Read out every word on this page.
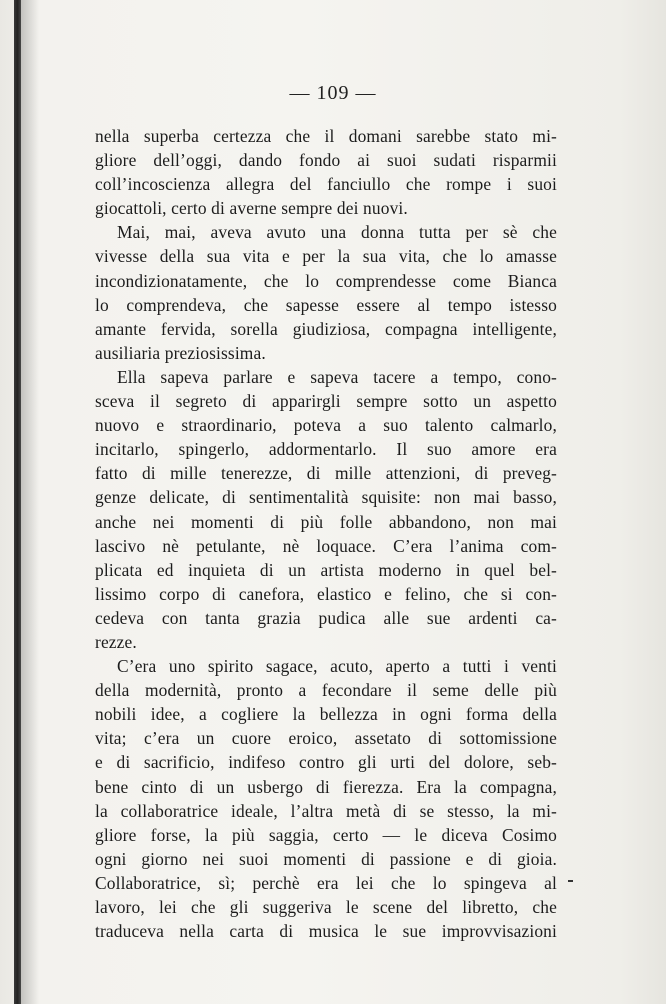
— 109 —
nella superba certezza che il domani sarebbe stato mi-
gliore dell’oggi, dando fondo ai suoi sudati risparmii
coll’incoscienza allegra del fanciullo che rompe i suoi
giocattoli, certo di averne sempre dei nuovi.
Mai, mai, aveva avuto una donna tutta per sè che
vivesse della sua vita e per la sua vita, che lo amasse
incondizionatamente, che lo comprendesse come Bianca
lo comprendeva, che sapesse essere al tempo istesso
amante fervida, sorella giudiziosa, compagna intelligente,
ausiliaria preziosissima.
Ella sapeva parlare e sapeva tacere a tempo, cono-
sceva il segreto di apparirgli sempre sotto un aspetto
nuovo e straordinario, poteva a suo talento calmarlo,
incitarlo, spingerlo, addormentarlo. Il suo amore era
fatto di mille tenerezze, di mille attenzioni, di preveg-
genze delicate, di sentimentalità squisite: non mai basso,
anche nei momenti di più folle abbandono, non mai
lascivo nè petulante, nè loquace. C’era l’anima com-
plicata ed inquieta di un artista moderno in quel bel-
lissimo corpo di canefora, elastico e felino, che si con-
cedeva con tanta grazia pudica alle sue ardenti ca-
rezze.
C’era uno spirito sagace, acuto, aperto a tutti i venti
della modernità, pronto a fecondare il seme delle più
nobili idee, a cogliere la bellezza in ogni forma della
vita; c’era un cuore eroico, assetato di sottomissione
e di sacrificio, indifeso contro gli urti del dolore, seb-
bene cinto di un usbergo di fierezza. Era la compagna,
la collaboratrice ideale, l’altra metà di se stesso, la mi-
gliore forse, la più saggia, certo — le diceva Cosimo
ogni giorno nei suoi momenti di passione e di gioia.
Collaboratrice, sì; perchè era lei che lo spingeva al
lavoro, lei che gli suggeriva le scene del libretto, che
traduceva nella carta di musica le sue improvvisazioni
